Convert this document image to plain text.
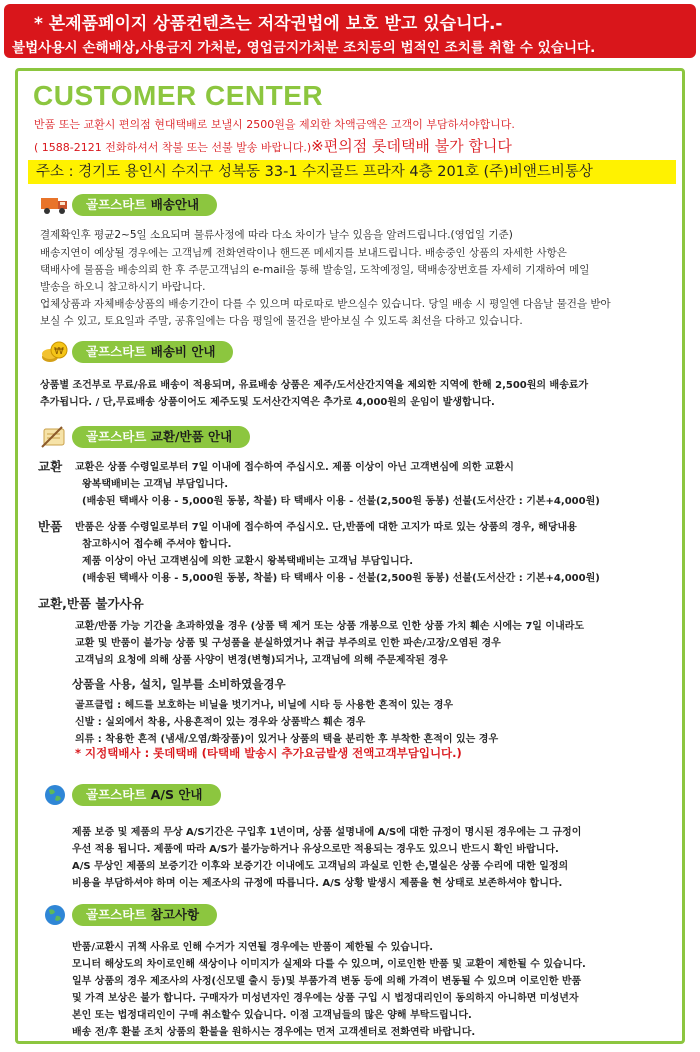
* 본제품페이지 상품컨텐츠는 저작권법에 보호 받고 있습니다.-
불법사용시 손해배상,사용금지 가처분, 영업금지가처분 조치등의 법적인 조치를 취할 수 있습니다.
CUSTOMER CENTER
반품 또는 교환시 편의점 현대택배로 보낼시 2500원을 제외한 차액금액은 고객이 부담하셔야합니다.
( 1588-2121 전화하셔서 착불 또는 선불 발송 바랍니다.)※편의점 롯데택배 불가 합니다
주소 : 경기도 용인시 수지구 성복동 33-1 수지골드 프라자 4층 201호 (주)비앤드비통상
골프스타트 배송안내
결제확인후 평균2~5일 소요되며 물류사정에 따라 다소 차이가 날수 있음을 알려드립니다.(영업일 기준)
배송지연이 예상될 경우에는 고객님께 전화연락이나 핸드폰 메세지를 보내드립니다. 배송중인 상품의 자세한 사항은
택배사에 물품을 배송의뢰 한 후 주문고객님의 e-mail을 통해 발송일, 도착예정일, 택배송장번호를 자세히 기재하여 메일
발송을 하오니 참고하시기 바랍니다.
업체상품과 자체배송상품의 배송기간이 다를 수 있으며 따로따로 받으실수 있습니다. 당일 배송 시 평일엔 다음날 물건을 받아
보실 수 있고, 토요일과 주말, 공휴일에는 다음 평일에 물건을 받아보실 수 있도록 최선을 다하고 있습니다.
₩	골프스타트 배송비 안내
상품별 조건부로 무료/유료 배송이 적용되며, 유료배송 상품은 제주/도서산간지역을 제외한 지역에 한해 2,500원의 배송료가
추가됩니다. / 단,무료배송 상품이어도 제주도및 도서산간지역은 추가로 4,000원의 운임이 발생합니다.
골프스타트 교환/반품 안내
교환 교환은 상품 수령일로부터 7일 이내에 접수하여 주십시오. 제품 이상이 아닌 고객변심에 의한 교환시
왕복택배비는 고객님 부담입니다.
(배송된 택배사 이용 - 5,000원 동봉, 착불) 타 택배사 이용 - 선불(2,500원 동봉) 선불(도서산간 : 기본+4,000원)
반품 반품은 상품 수령일로부터 7일 이내에 접수하여 주십시오. 단,반품에 대한 고지가 따로 있는 상품의 경우, 해당내용
참고하시어 접수해 주셔야 합니다.
제품 이상이 아닌 고객변심에 의한 교환시 왕복택배비는 고객님 부담입니다.
(배송된 택배사 이용 - 5,000원 동봉, 착불) 타 택배사 이용 - 선불(2,500원 동봉) 선불(도서산간 : 기본+4,000원)
교환,반품 불가사유
교환/반품 가능 기간을 초과하였을 경우 (상품 택 제거 또는 상품 개봉으로 인한 상품 가치 훼손 시에는 7일 이내라도
교환 및 반품이 불가능 상품 및 구성품을 분실하였거나 취급 부주의로 인한 파손/고장/오염된 경우
고객님의 요청에 의해 상품 사양이 변경(변형)되거나, 고객님에 의해 주문제작된 경우
상품을 사용, 설치, 일부를 소비하였을경우
골프클럽 : 헤드를 보호하는 비닐을 벗기거나, 비닐에 시타 등 사용한 흔적이 있는 경우
신발 : 실외에서 착용, 사용흔적이 있는 경우와 상품박스 훼손 경우
의류 : 착용한 흔적 (냄새/오염/화장품)이 있거나 상품의 택을 분리한 후 부착한 흔적이 있는 경우
* 지정택배사 : 롯데택배 (타택배 발송시 추가요금발생 전액고객부담입니다.)
골프스타트 A/S 안내
제품 보증 및 제품의 무상 A/S기간은 구입후 1년이며, 상품 설명내에 A/S에 대한 규정이 명시된 경우에는 그 규정이
우선 적용 됩니다. 제품에 따라 A/S가 불가능하거나 유상으로만 적용되는 경우도 있으니 반드시 확인 바랍니다.
A/S 무상인 제품의 보증기간 이후와 보증기간 이내에도 고객님의 과실로 인한 손,멸실은 상품 수리에 대한 일정의
비용을 부담하셔야 하며 이는 제조사의 규정에 따릅니다. A/S 상황 발생시 제품을 현 상태로 보존하셔야 합니다.
골프스타트 참고사항
반품/교환시 귀책 사유로 인해 수거가 지연될 경우에는 반품이 제한될 수 있습니다.
모니터 해상도의 차이로인해 색상이나 이미지가 실제와 다를 수 있으며, 이로인한 반품 및 교환이 제한될 수 있습니다.
일부 상품의 경우 제조사의 사정(신모델 출시 등)및 부품가격 변동 등에 의해 가격이 변동될 수 있으며 이로인한 반품
및 가격 보상은 불가 합니다. 구매자가 미성년자인 경우에는 상품 구입 시 법정대리인이 동의하지 아니하면 미성년자
본인 또는 법정대리인이 구매 취소할수 있습니다. 이점 고객님들의 많은 양해 부탁드립니다.
배송 전/후 환불 조치 상품의 환불을 원하시는 경우에는 먼저 고객센터로 전화연락 바랍니다.
